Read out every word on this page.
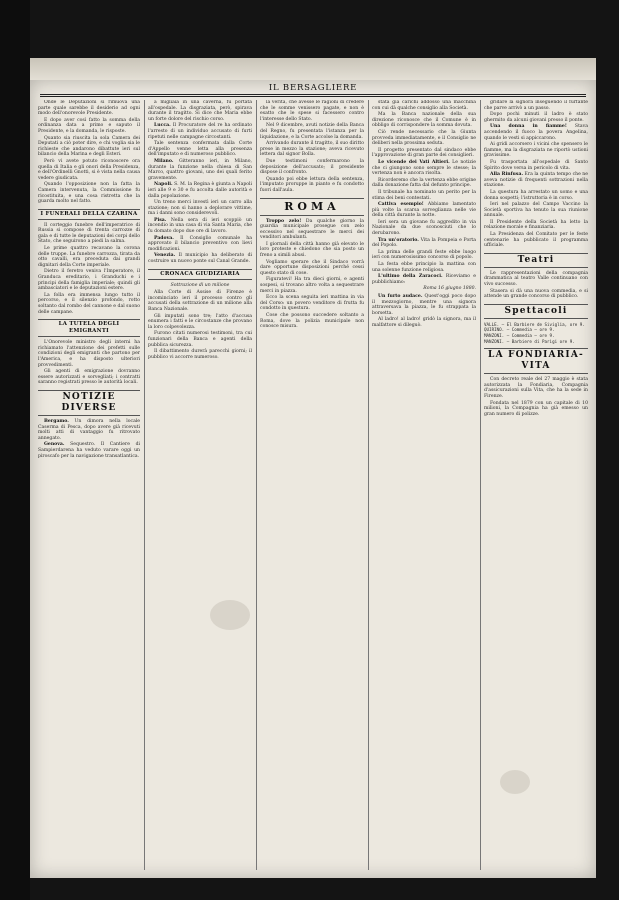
IL BERSAGLIERE

Onde le Deputazioni si rimuova una parte quale sarebbe il desiderio ad ogni modo dell'onorevole Presidente.

E dopo aver così fatto la somma della ordinanza data a primo e saputo il Presidente, e la domanda, le risposte.

Quanto sia riuscita la sola Camera dei Deputati a ciò poter dire, e chi voglia sia le richieste che andarono dibattute ieri sul bilancio della Marina e degli Esteri.

Però vi avete potuto riconoscere ora quella di Italia e gli onori della Presidenza, e dell'Ordinelli Gnotti, si è vista nella causa vedere giudicata.

Quando l'opposizione non la fatta la Camera intervenuta, la Commissione fu ricostituita, e una cosa ristretta che la guarda molto nel fatto.

I FUNERALI DELLA CZARINA

Il corteggio funebre dell'imperatrice di Russia si compose di trenta carrozze di gala e di tutte le deputazioni dei corpi dello Stato, che seguirono a piedi la salma.

Le prime quattro recavano la corona delle truppe. La funebre carrozza, tirata da otto cavalli, era preceduta dai grandi dignitari della Corte imperiale.

Dietro il feretro veniva l'Imperatore, il Granduca ereditario, i Granduchi e i principi della famiglia imperiale; quindi gli ambasciatori e le deputazioni estere.

La folla era immensa lungo tutto il percorso, e il silenzio profondo, rotto soltanto dal rombo del cannone e dal suono delle campane.

LA TUTELA DEGLI EMIGRANTI

L'Onorevole ministro degli interni ha richiamato l'attenzione dei prefetti sulle condizioni degli emigranti che partono per l'America, e ha disposto ulteriori provvedimenti.

Gli agenti di emigrazione dovranno essere autorizzati e sorvegliati; i contratti saranno registrati presso le autorità locali.

NOTIZIE DIVERSE

Bergamo. Un dimora nella locale Caserma di Pesca, dopo avere già ricevuti molti atti di vantaggio fu ritrovato annegato.

Genova. Sequestro. Il Cantiere di Sampierdarena ha veduto varare oggi un piroscafo per la navigazione transatlantica.

a migliaia in una caverna, fu portata all'ospedale. La disgraziata, però, spirava durante il tragitto. Si dice che Maria ebbe un forte dolore del rischio corso.

Lucca. Il Procuratore del re ha ordinato l'arresto di un individuo accusato di furti ripetuti nelle campagne circostanti.

Tale sentenza confermata dalla Corte d'Appello venne letta alla presenza dell'imputato e di numeroso pubblico.

Milano. Gitteranno ieri, in Milano, durante la funzione nella chiesa di San Marco, quattro giovani, uno dei quali ferito gravemente.

Napoli. S. M. la Regina è giunta a Napoli ieri alle 9 e 30 e fu accolta dalle autorità e dalla popolazione.

Un treno merci investì ieri un carro alla stazione; non si hanno a deplorare vittime, ma i danni sono considerevoli.

Pisa. Nella sera di ieri scoppiò un incendio in una casa di via Santa Maria, che fu domato dopo due ore di lavoro.

Padova. Il Consiglio comunale ha approvato il bilancio preventivo con lievi modificazioni.

Venezia. Il municipio ha deliberato di costruire un nuovo ponte sul Canal Grande.

CRONACA GIUDIZIARIA
Sottrazione di un milione

Alla Corte di Assise di Firenze è incominciato ieri il processo contro gli accusati della sottrazione di un milione alla Banca Nazionale.

Gli imputati sono tre; l'atto d'accusa enumera i fatti e le circostanze che provano la loro colpevolezza.

Furono citati numerosi testimoni, tra cui funzionari della Banca e agenti della pubblica sicurezza.

Il dibattimento durerà parecchi giorni; il pubblico vi accorre numeroso.

la verità, che avesse le ragioni di credere che le somme venissero pagate, e non è esatto che le spese si facessero contro l'interesse dello Stato.

Nel 9 dicembre, avuti notizie della Banca del Regno, fu presentata l'istanza per la liquidazione, e la Corte accolse la domanda.

Arrivando durante il tragitto, il suo diritto prese in mezzo la stazione; aveva ricevuto lettera dal signor Bolla.

Due testimoni confermarono la deposizione dell'accusato; il presidente dispose il confronto.

Quando poi ebbe lettura della sentenza, l'imputato proruppe in pianto e fu condotto fuori dall'aula.

ROMA

Troppo zelo! Da qualche giorno la guardia municipale prosegue con zelo eccessivo nel sequestrare le merci dei venditori ambulanti.

I giornali della città hanno già elevato le loro proteste e chiedono che sia posto un freno a simili abusi.

Vogliamo sperare che il Sindaco vorrà dare opportune disposizioni perché cessi questo stato di cose.

Figuratevi! Ha tra dieci giorni, e agenti sospesi, si trovano altro volta a sequestrare merci in piazza.

Ecco la scena seguita ieri mattina in via del Corso: un povero venditore di frutta fu condotto in questura.

Cose che possono succedere soltanto a Roma, dove la polizia municipale non conosce misura.

stata già carichi addosso una macchina con cui dà qualche consiglio alla Società.

Ma la Banca nazionale della sua direzione riconosce che il Comune è in obbligo di corrispondere la somma dovuta.

Ciò rende necessario che la Giunta provveda immediatamente, e il Consiglio ne deliberi nella prossima seduta.

Il progetto presentato dal sindaco ebbe l'approvazione di gran parte dei consiglieri.

Le vicende dei Vati Altieri. Le notizie che ci giungono sono sempre le stesse; la vertenza non è ancora risolta.

Ricorderemo che la vertenza ebbe origine dalla donazione fatta dal defunto principe.

Il tribunale ha nominato un perito per la stima dei beni contestati.

Cattiva esempio! Abbiamo lamentato più volte la scarsa sorveglianza nelle vie della città durante la notte.

Ieri sera un giovane fu aggredito in via Nazionale da due sconosciuti che lo derubarono.

Tra un'oratorio. Vita la Pompeia e Porta del Popolo.

La prima delle grandi feste ebbe luogo ieri con numerosissimo concorso di popolo.

La festa ebbe principio la mattina con una solenne funzione religiosa.

L'ultimo della Zaracoci. Riceviamo e pubblichiamo:

Roma 16 giugno 1880.

Un furto audace. Quest'oggi poco dopo il mezzogiorno, mentre una signora attraversava la piazza, le fu strappata la borsetta.

Al ladro! al ladro! gridò la signora, ma il malfattore si dileguò.

gridare la signora inseguendo il furfante che parve arrivò a un passo.

Dopo pochi minuti il ladro è stato ghermito da alcuni giovani presso il ponte.

Una donna in fiamme! Stava accendendo il fuoco la povera Angelina, quando le vesti si appiccarono.

Ai gridi accorsero i vicini che spensero le fiamme, ma la disgraziata ne riportò ustioni gravissime.

Fu trasportata all'ospedale di Santo Spirito dove versa in pericolo di vita.

Alla Rinfusa. Era la quinta tempo che ne aveva notizie di frequenti sottrazioni nella stazione.

La questura ha arrestato un uomo e una donna sospetti; l'istruttoria è in corso.

Ieri nel palazzo del Campo Vaccino la Società sportiva ha tenuto la sua riunione annuale.

Il Presidente della Società ha letto la relazione morale e finanziaria.

La Presidenza del Comitato per le feste centenarie ha pubblicato il programma ufficiale.

Teatri

Le rappresentazioni della compagnia drammatica al teatro Valle continuano con vivo successo.

Stasera si dà una nuova commedia, e si attende un grande concorso di pubblico.

Spettacoli
VALLE. — El Barbiere de Siviglia, ore 9.
QUIRINO. — Commedia — ore 9.
MANZONI. — Commedia — ore 9.
MANZONI. — Barbiere di Parigi ore 9.
LA FONDIARIA-VITA

Con decreto reale del 27 maggio è stata autorizzata la Fondiaria, Compagnia d'assicurazioni sulla Vita, che ha la sede in Firenze.

Fondata nel 1879 con un capitale di 10 milioni, la Compagnia ha già emesso un gran numero di polizze.
